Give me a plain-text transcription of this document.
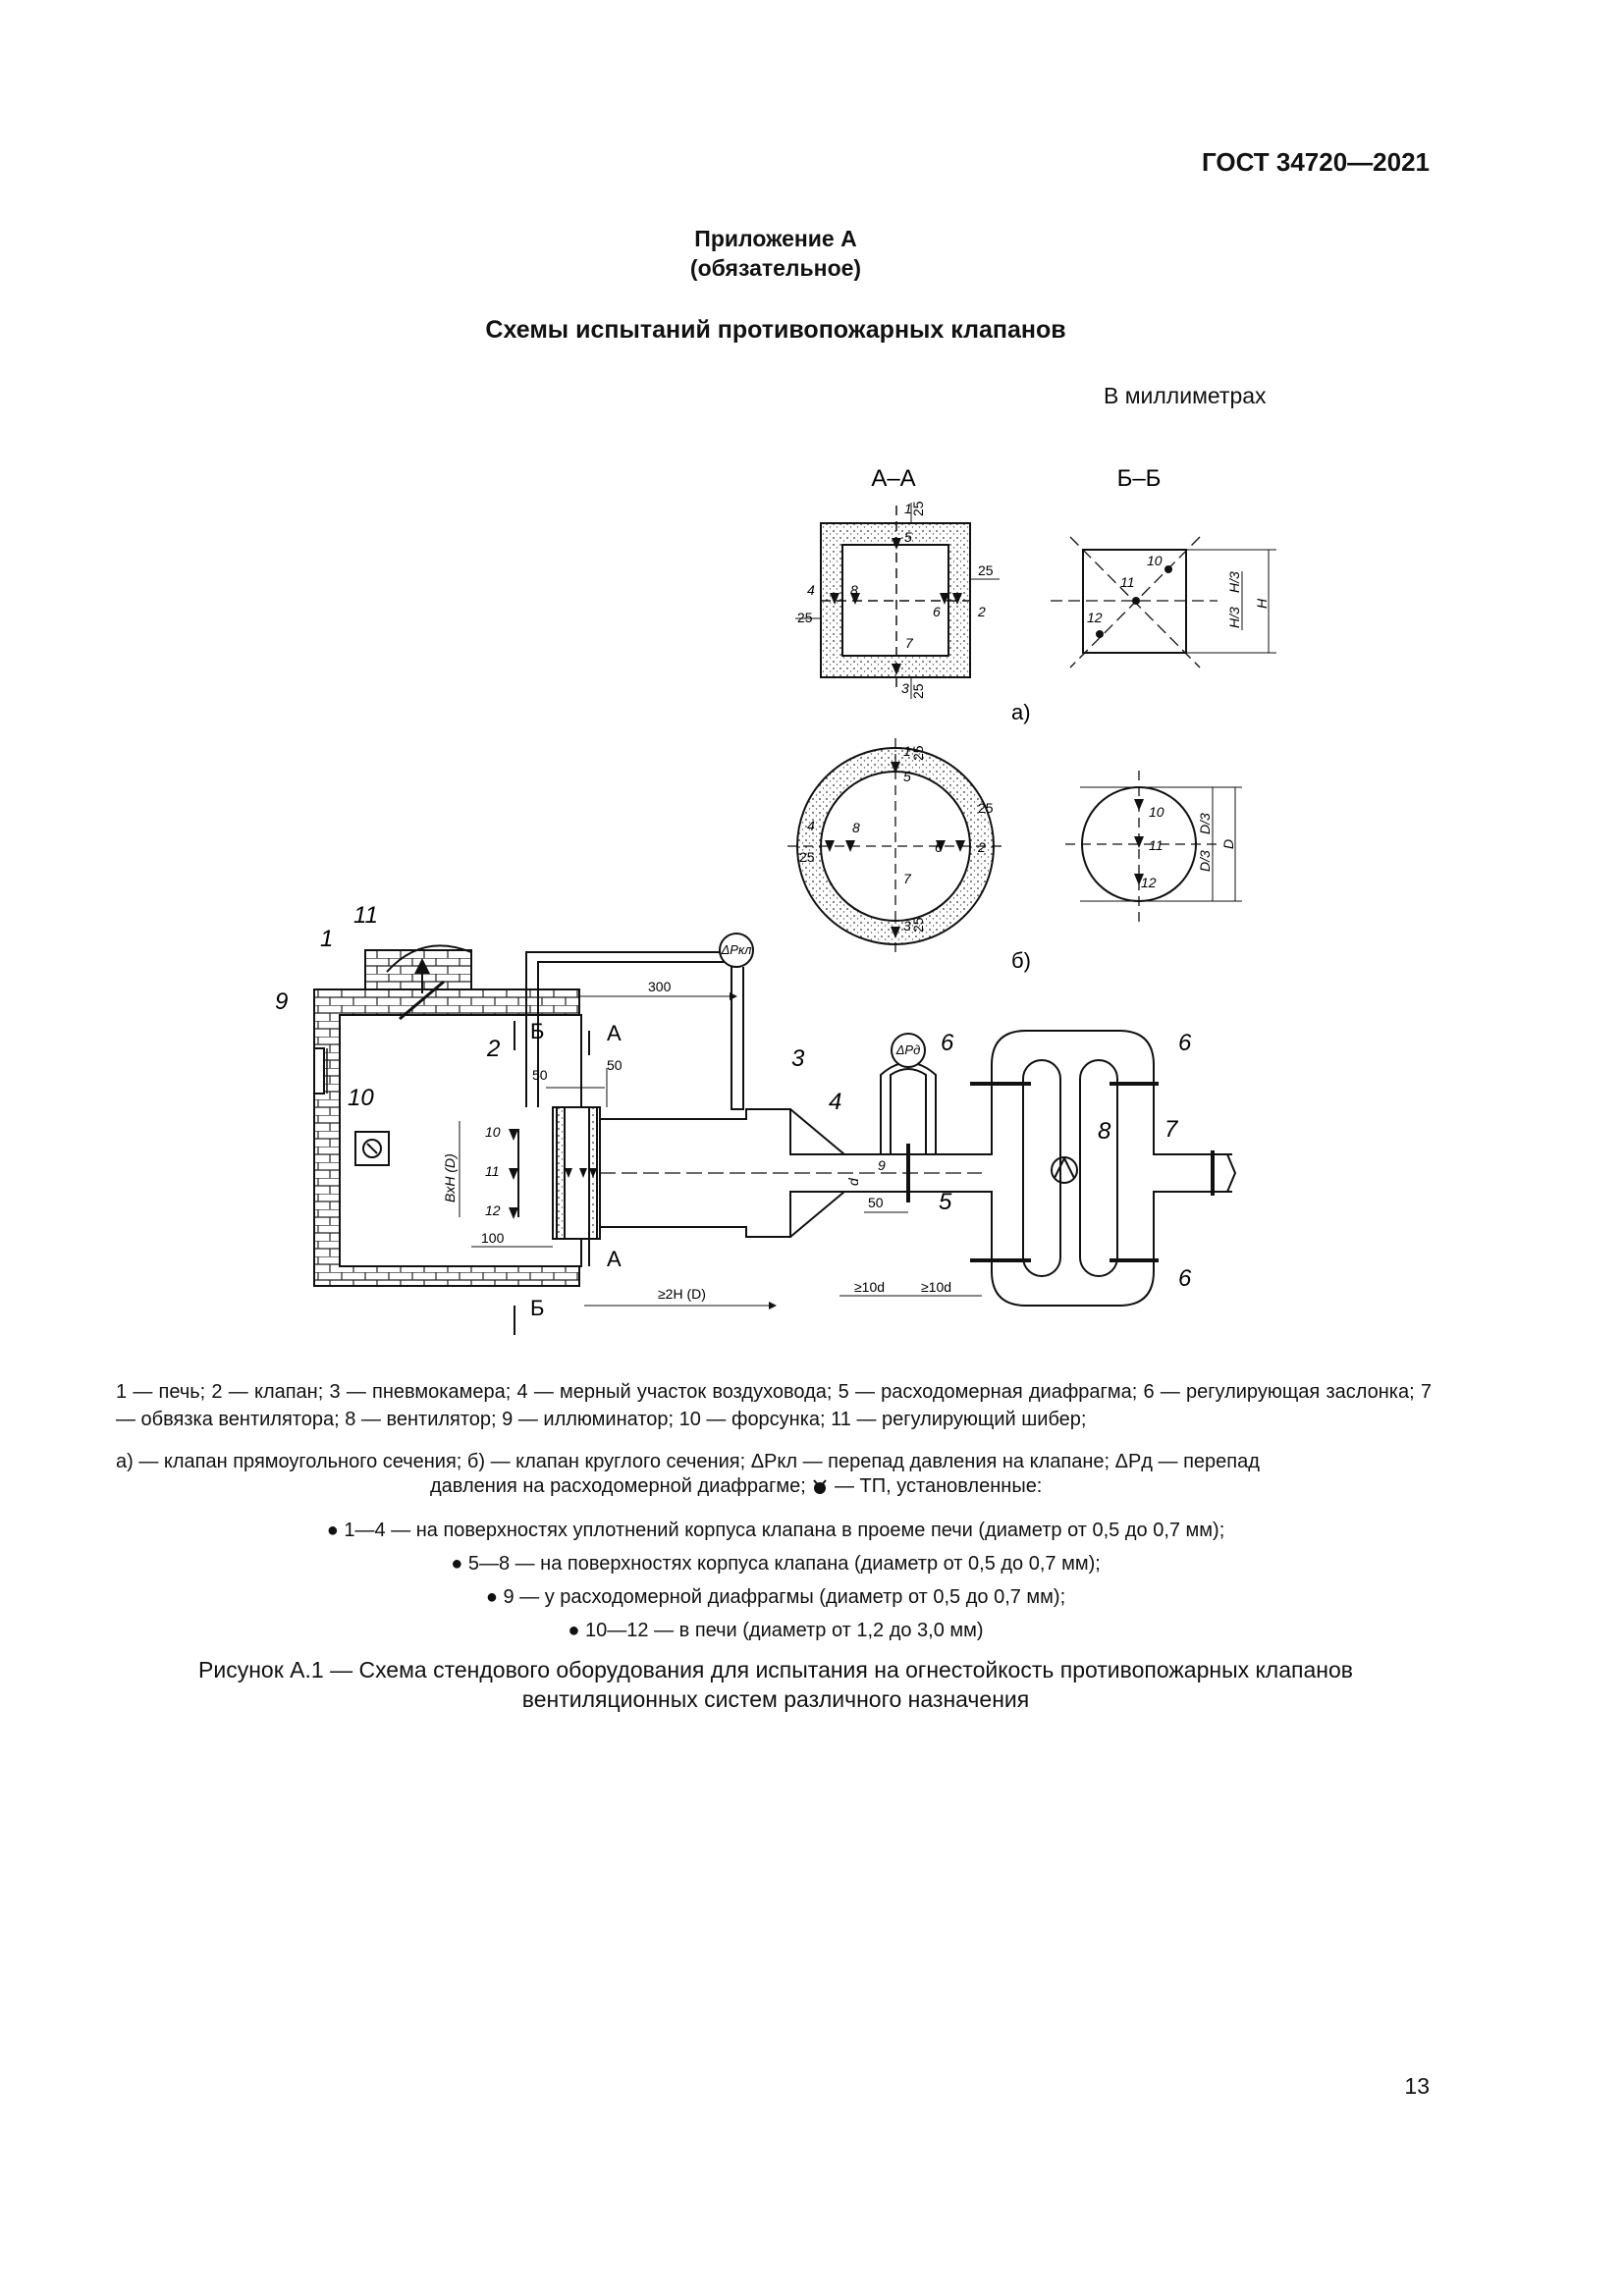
ГОСТ 34720—2021
Приложение А
(обязательное)
Схемы испытаний противопожарных клапанов
В миллиметрах
А–А	Б–Б
1
5
4	8
6	2
7
3
25
25
25
25
10
11
12
H/3
H/3
H
а)
1
5
4	8
6	2
7
3
25
25
25
25
10
11
12
D/3
D/3
D
б)
ΔPкл
ΔPд
300
50
50
100
BxH (D)
≥2H (D)	≥10d	≥10d
50
d
Б
Б
А
А
1
2	3
4
5
6	6
6
7
8
9
10
11
10
11
12
9

1 — печь; 2 — клапан; 3 — пневмокамера; 4 — мерный участок воздуховода; 5 — расходомерная диафрагма; 6 — регулирующая заслонка; 7 — обвязка вентилятора; 8 — вентилятор; 9 — иллюминатор; 10 — форсунка; 11 — регулирующий шибер;

а) — клапан прямоугольного сечения; б) — клапан круглого сечения; ΔPкл — перепад давления на клапане; ΔPд — перепад

давления на расходомерной диафрагме; — ТП, установленные:
● 1—4 — на поверхностях уплотнений корпуса клапана в проеме печи (диаметр от 0,5 до 0,7 мм);
● 5—8 — на поверхностях корпуса клапана (диаметр от 0,5 до 0,7 мм);
● 9 — у расходомерной диафрагмы (диаметр от 0,5 до 0,7 мм);
● 10—12 — в печи (диаметр от 1,2 до 3,0 мм)
Рисунок А.1 — Схема стендового оборудования для испытания на огнестойкость противопожарных клапанов
вентиляционных систем различного назначения
13
